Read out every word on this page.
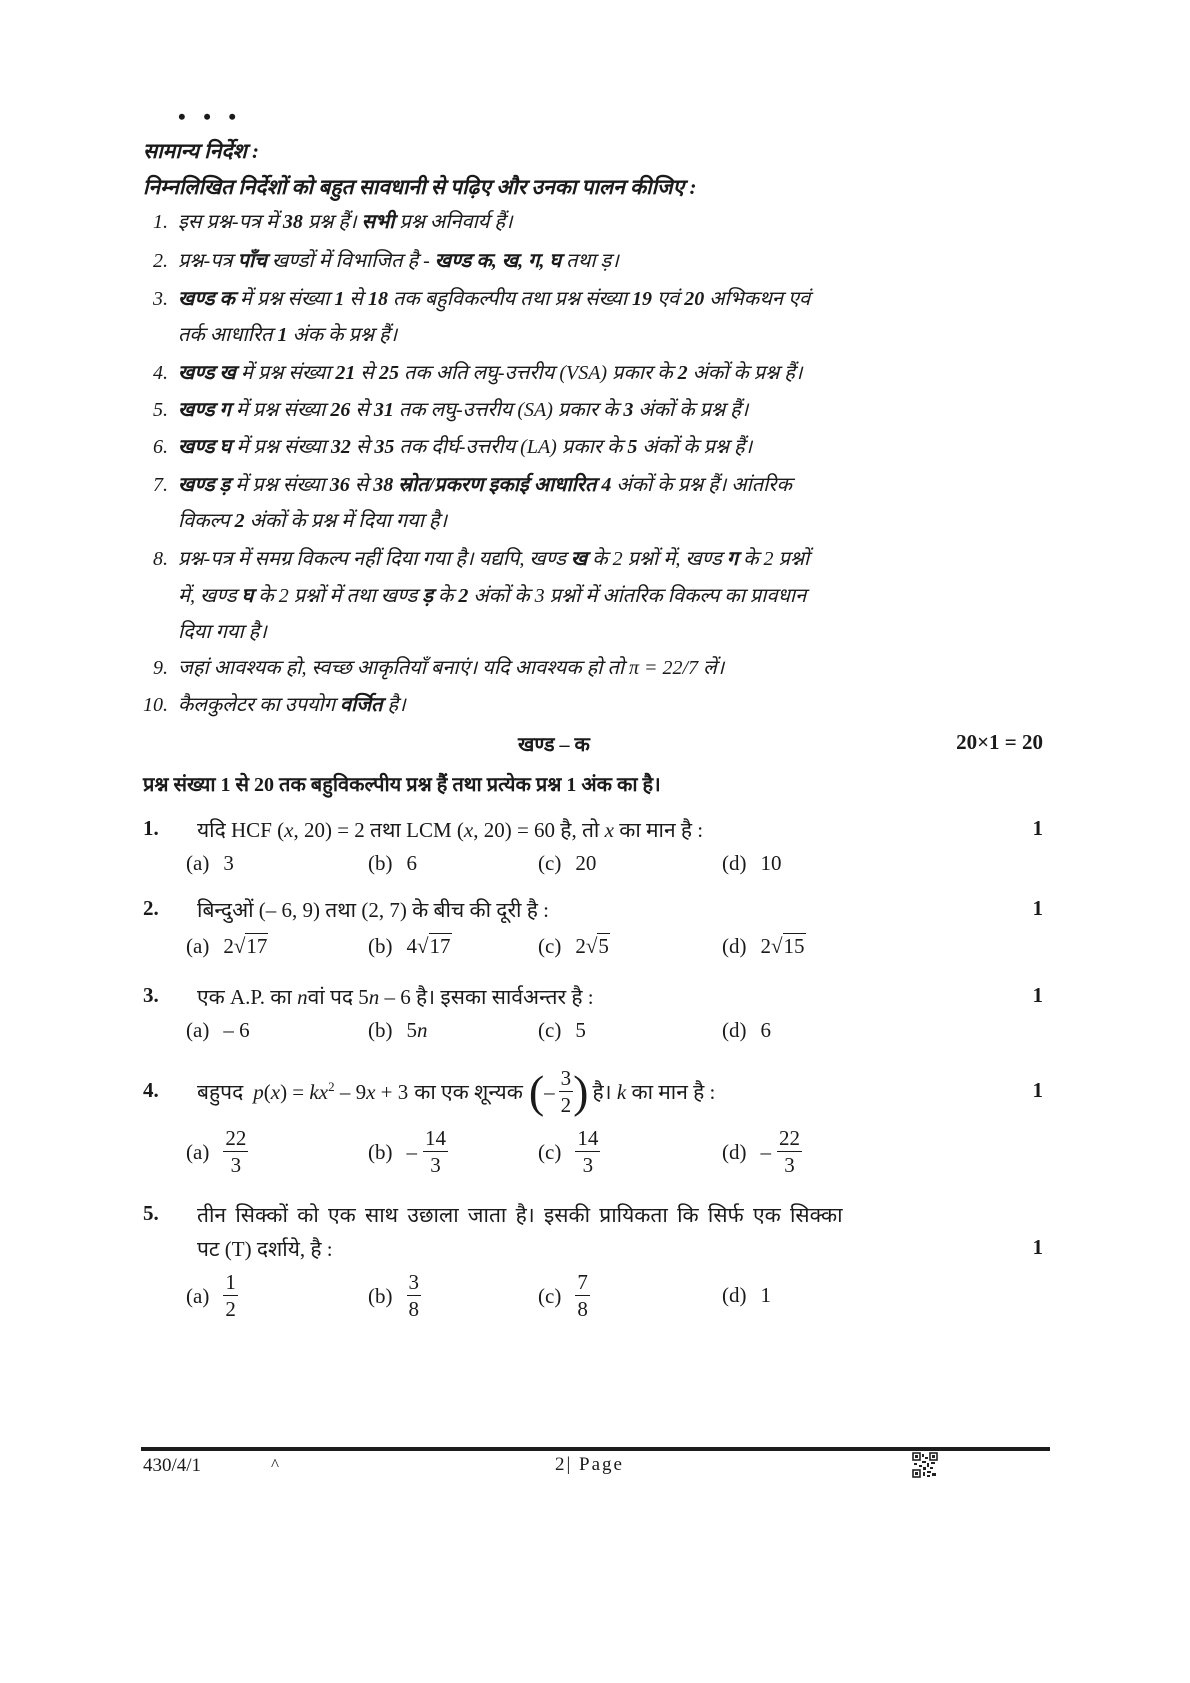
• • •
सामान्य निर्देश :
निम्नलिखित निर्देशों को बहुत सावधानी से पढ़िए और उनका पालन कीजिए :
1. इस प्रश्न-पत्र में 38 प्रश्न हैं। सभी प्रश्न अनिवार्य हैं।
2. प्रश्न-पत्र पाँच खण्डों में विभाजित है - खण्ड क, ख, ग, घ तथा ड़।
3. खण्ड क में प्रश्न संख्या 1 से 18 तक बहुविकल्पीय तथा प्रश्न संख्या 19 एवं 20 अभिकथन एवं
तर्क आधारित 1 अंक के प्रश्न हैं।
4. खण्ड ख में प्रश्न संख्या 21 से 25 तक अति लघु-उत्तरीय (VSA) प्रकार के 2 अंकों के प्रश्न हैं।
5. खण्ड ग में प्रश्न संख्या 26 से 31 तक लघु-उत्तरीय (SA) प्रकार के 3 अंकों के प्रश्न हैं।
6. खण्ड घ में प्रश्न संख्या 32 से 35 तक दीर्घ-उत्तरीय (LA) प्रकार के 5 अंकों के प्रश्न हैं।
7. खण्ड ड़ में प्रश्न संख्या 36 से 38 स्रोत/प्रकरण इकाई आधारित 4 अंकों के प्रश्न हैं। आंतरिक
विकल्प 2 अंकों के प्रश्न में दिया गया है।
8. प्रश्न-पत्र में समग्र विकल्प नहीं दिया गया है। यद्यपि, खण्ड ख के 2 प्रश्नों में, खण्ड ग के 2 प्रश्नों
में, खण्ड घ के 2 प्रश्नों में तथा खण्ड ड़ के 2 अंकों के 3 प्रश्नों में आंतरिक विकल्प का प्रावधान
दिया गया है।
9. जहां आवश्यक हो, स्वच्छ आकृतियाँ बनाएं। यदि आवश्यक हो तो π = 22/7 लें।
10. कैलकुलेटर का उपयोग वर्जित है।
खण्ड – क	20×1 = 20
प्रश्न संख्या 1 से 20 तक बहुविकल्पीय प्रश्न हैं तथा प्रत्येक प्रश्न 1 अंक का है।
1. यदि HCF (x, 20) = 2 तथा LCM (x, 20) = 60 है, तो x का मान है :	1
(a) 3	(b) 6	(c) 20	(d) 10
2. बिन्दुओं (– 6, 9) तथा (2, 7) के बीच की दूरी है :	1
(a) 2√17	(b) 4√17	(c) 2√5	(d) 2√15
3. एक A.P. का nवां पद 5n – 6 है। इसका सार्वअन्तर है :	1
(a) – 6	(b) 5n	(c) 5	(d) 6
4. बहुपद $p(x) = kx^2 - 9x + 3$ का एक शून्यक ( – $\frac{3}{2}$ ) है। k का मान है :	1
$(a) \frac{22}{3}$	$(b) - \frac{14}{3}$	$(c) \frac{14}{3}$	$(d) - \frac{22}{3}$
5. तीन सिक्कों को एक साथ उछाला जाता है। इसकी प्रायिकता कि सिर्फ एक सिक्का
पट (T) दर्शाये, है :	1
$(a) \frac{1}{2}$	$(b) \frac{3}{8}$	$(c) \frac{7}{8}$	(d) 1
430/4/1	^	2| Page
